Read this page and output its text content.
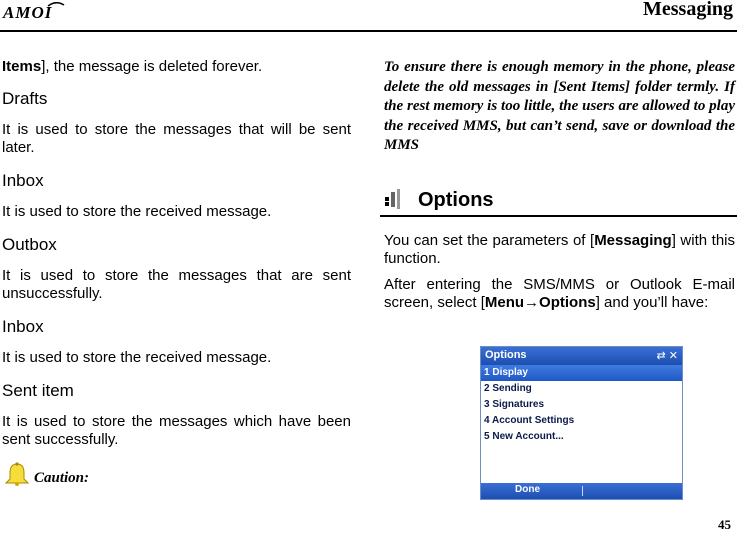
AMOI	Messaging

Items], the message is deleted forever.

Drafts

It is used to store the messages that will be sent later.

Inbox

It is used to store the received message.

Outbox

It is used to store the messages that are sent unsuccessfully.

Inbox

It is used to store the received message.

Sent item

It is used to store the messages which have been sent successfully.

Caution:

To ensure there is enough memory in the phone, please delete the old messages in [Sent Items] folder termly. If the rest memory is too little, the users are allowed to play the received MMS, but can’t send, save or download the MMS

Options

You can set the parameters of [Messaging] with this function.

After entering the SMS/MMS or Outlook E-mail screen, select [Menu→Options] and you’ll have:

Options	⇄ ✕
1 Display
2 Sending
3 Signatures
4 Account Settings
5 New Account...
Done
45
